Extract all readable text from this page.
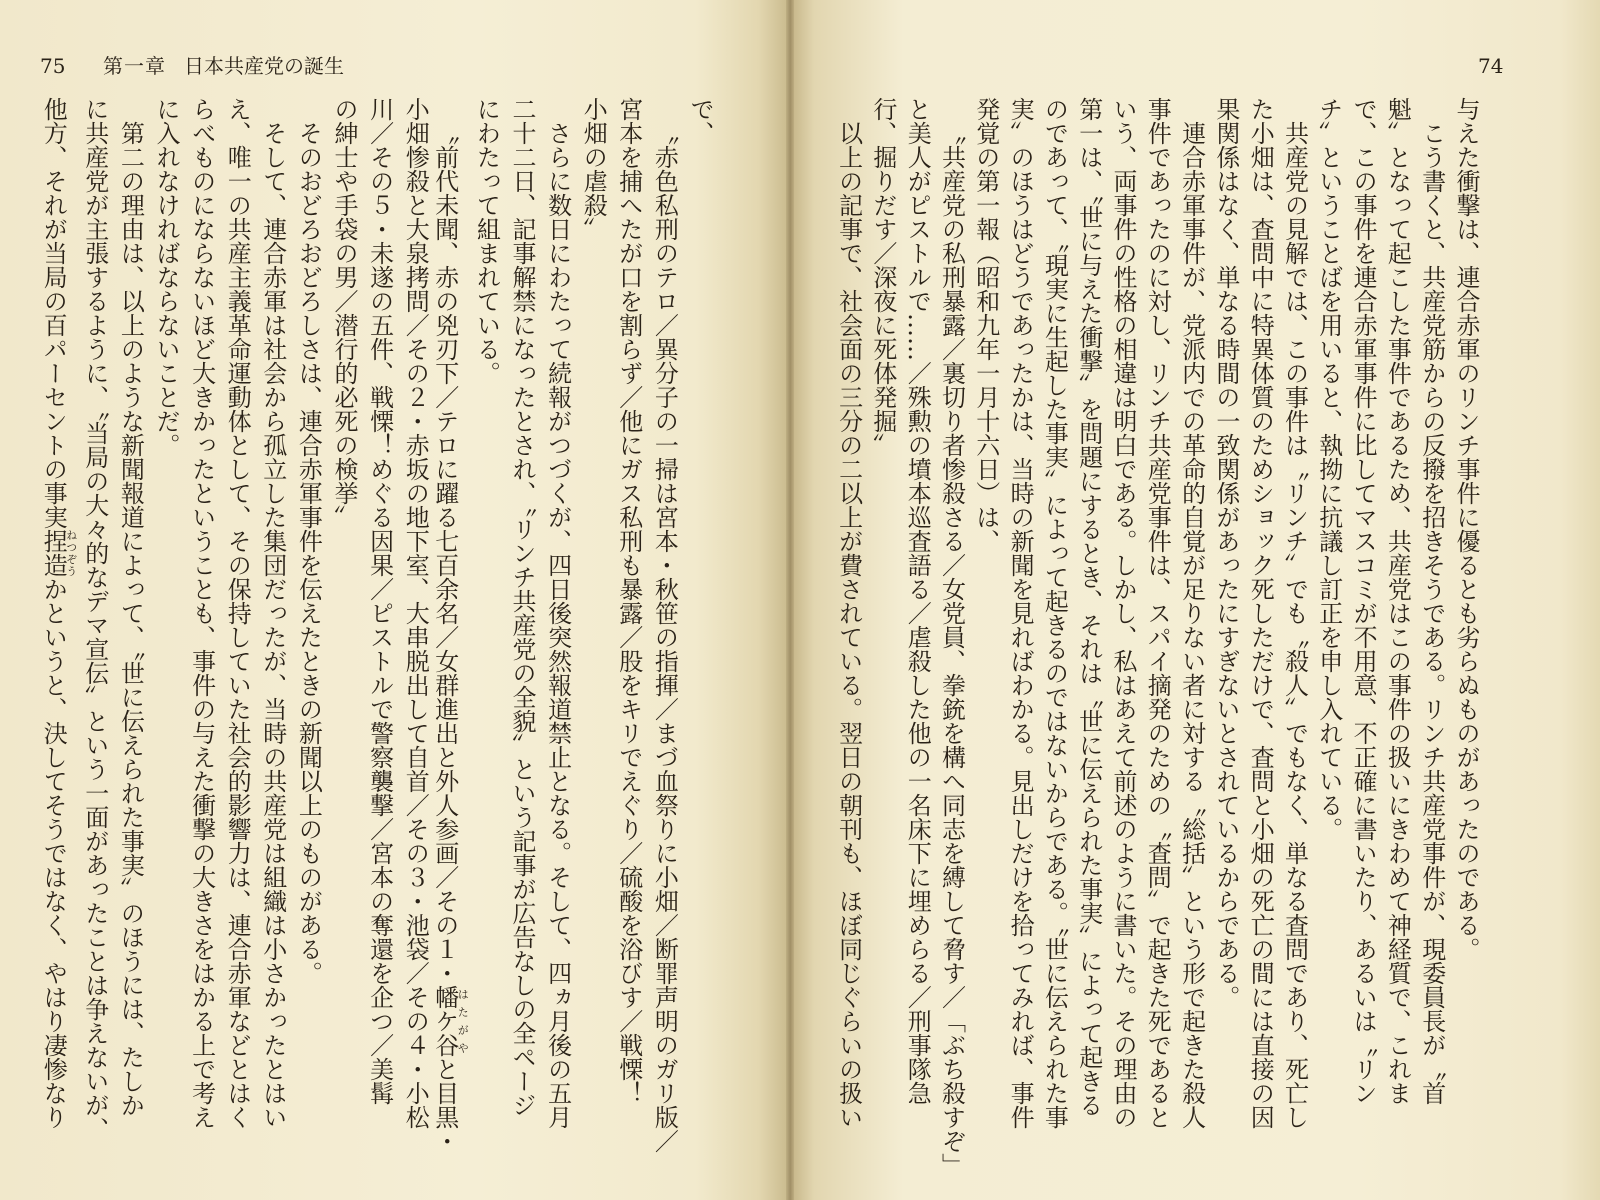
75 第一章 日本共産党の誕生
で、
〝赤色私刑のテロ／異分子の一掃は宮本・秋笹の指揮／まづ血祭りに小畑／断罪声明のガリ版／
宮本を捕へたが口を割らず／他にガス私刑も暴露／股をキリでえぐり／硫酸を浴びす／戦慄！
小畑の虐殺〟
さらに数日にわたって続報がつづくが、四日後突然報道禁止となる。そして、四ヵ月後の五月
二十二日、記事解禁になったとされ、〝リンチ共産党の全貌〟という記事が広告なしの全ページ
にわたって組まれている。
〝前代未聞、赤の兇刃下／テロに躍る七百余名／女群進出と外人参画／その１・幡ケ谷はたがやと目黒・
小畑惨殺と大泉拷問／その２・赤坂の地下室、大串脱出して自首／その３・池袋／その４・小松
川／その５・未遂の五件、戦慄！めぐる因果／ピストルで警察襲撃／宮本の奪還を企つ／美髯
の紳士や手袋の男／潜行的必死の検挙〟
そのおどろおどろしさは、連合赤軍事件を伝えたときの新聞以上のものがある。
そして、連合赤軍は社会から孤立した集団だったが、当時の共産党は組織は小さかったとはい
え、唯一の共産主義革命運動体として、その保持していた社会的影響力は、連合赤軍などとはく
らべものにならないほど大きかったということも、事件の与えた衝撃の大きさをはかる上で考え
に入れなければならないことだ。
第二の理由は、以上のような新聞報道によって、〝世に伝えられた事実〟のほうには、たしか
に共産党が主張するように、〝当局の大々的なデマ宣伝〟という一面があったことは争えないが、
他方、それが当局の百パーセントの事実捏造ねつぞうかというと、決してそうではなく、やはり凄惨なり
74
与えた衝撃は、連合赤軍のリンチ事件に優るとも劣らぬものがあったのである。
こう書くと、共産党筋からの反撥を招きそうである。リンチ共産党事件が、現委員長が〝首
魁〟となって起こした事件であるため、共産党はこの事件の扱いにきわめて神経質で、これま
で、この事件を連合赤軍事件に比してマスコミが不用意、不正確に書いたり、あるいは〝リン
チ〟ということばを用いると、執拗に抗議し訂正を申し入れている。
共産党の見解では、この事件は〝リンチ〟でも〝殺人〟でもなく、単なる査問であり、死亡し
た小畑は、査問中に特異体質のためショック死しただけで、査問と小畑の死亡の間には直接の因
果関係はなく、単なる時間の一致関係があったにすぎないとされているからである。
連合赤軍事件が、党派内での革命的自覚が足りない者に対する〝総括〟という形で起きた殺人
事件であったのに対し、リンチ共産党事件は、スパイ摘発のための〝査問〟で起きた死であると
いう、両事件の性格の相違は明白である。しかし、私はあえて前述のように書いた。その理由の
第一は、〝世に与えた衝撃〟を問題にするとき、それは〝世に伝えられた事実〟によって起きる
のであって、〝現実に生起した事実〟によって起きるのではないからである。〝世に伝えられた事
実〟のほうはどうであったかは、当時の新聞を見ればわかる。見出しだけを拾ってみれば、事件
発覚の第一報（昭和九年一月十六日）は、
〝共産党の私刑暴露／裏切り者惨殺さる／女党員、拳銃を構へ同志を縛して脅す／「ぶち殺すぞ」
と美人がピストルで……／殊勲の墳本巡査語る／虐殺した他の一名床下に埋めらる／刑事隊急
行、掘りだす／深夜に死体発掘〟
以上の記事で、社会面の三分の二以上が費されている。翌日の朝刊も、ほぼ同じぐらいの扱い
